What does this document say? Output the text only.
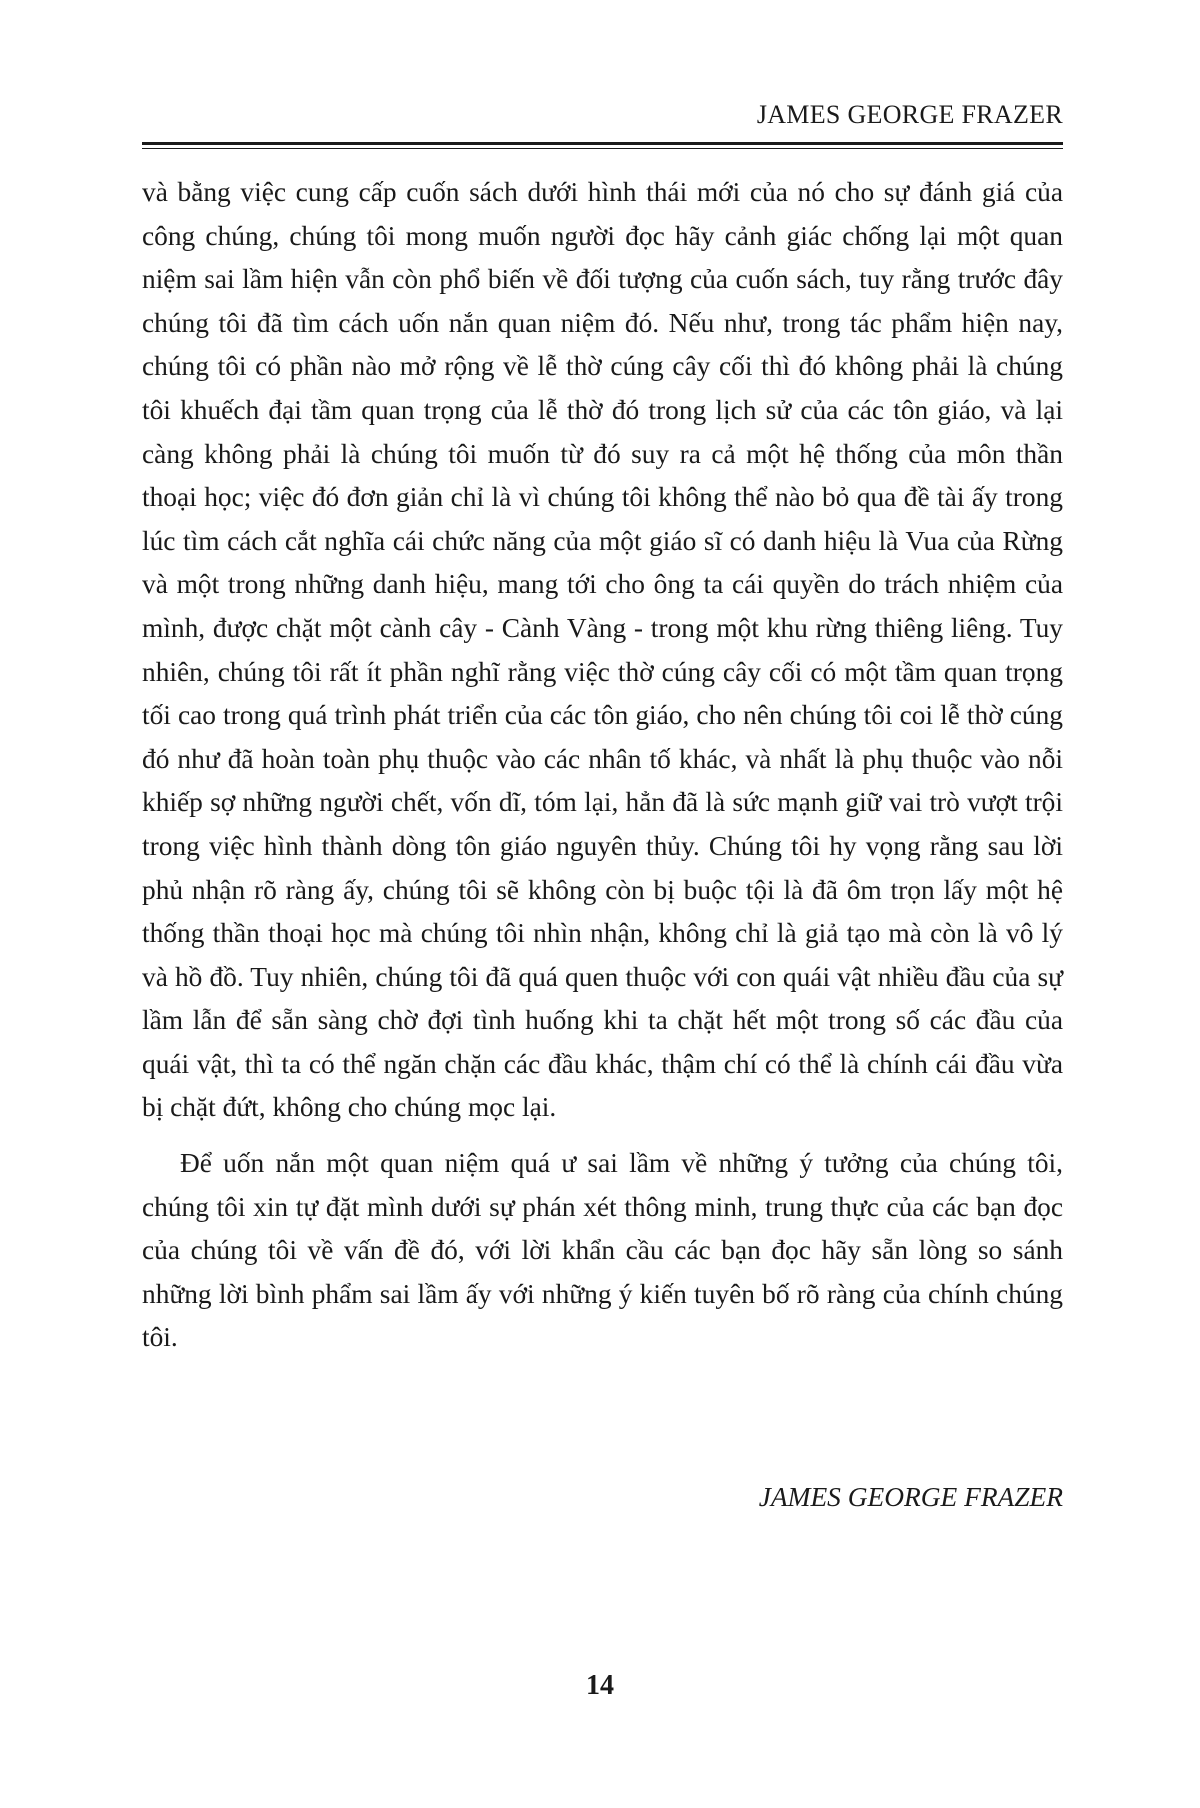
JAMES GEORGE FRAZER

và bằng việc cung cấp cuốn sách dưới hình thái mới của nó cho sự đánh giá của công chúng, chúng tôi mong muốn người đọc hãy cảnh giác chống lại một quan niệm sai lầm hiện vẫn còn phổ biến về đối tượng của cuốn sách, tuy rằng trước đây chúng tôi đã tìm cách uốn nắn quan niệm đó. Nếu như, trong tác phẩm hiện nay, chúng tôi có phần nào mở rộng về lễ thờ cúng cây cối thì đó không phải là chúng tôi khuếch đại tầm quan trọng của lễ thờ đó trong lịch sử của các tôn giáo, và lại càng không phải là chúng tôi muốn từ đó suy ra cả một hệ thống của môn thần thoại học; việc đó đơn giản chỉ là vì chúng tôi không thể nào bỏ qua đề tài ấy trong lúc tìm cách cắt nghĩa cái chức năng của một giáo sĩ có danh hiệu là Vua của Rừng và một trong những danh hiệu, mang tới cho ông ta cái quyền do trách nhiệm của mình, được chặt một cành cây - Cành Vàng - trong một khu rừng thiêng liêng. Tuy nhiên, chúng tôi rất ít phần nghĩ rằng việc thờ cúng cây cối có một tầm quan trọng tối cao trong quá trình phát triển của các tôn giáo, cho nên chúng tôi coi lễ thờ cúng đó như đã hoàn toàn phụ thuộc vào các nhân tố khác, và nhất là phụ thuộc vào nỗi khiếp sợ những người chết, vốn dĩ, tóm lại, hẳn đã là sức mạnh giữ vai trò vượt trội trong việc hình thành dòng tôn giáo nguyên thủy. Chúng tôi hy vọng rằng sau lời phủ nhận rõ ràng ấy, chúng tôi sẽ không còn bị buộc tội là đã ôm trọn lấy một hệ thống thần thoại học mà chúng tôi nhìn nhận, không chỉ là giả tạo mà còn là vô lý và hồ đồ. Tuy nhiên, chúng tôi đã quá quen thuộc với con quái vật nhiều đầu của sự lầm lẫn để sẵn sàng chờ đợi tình huống khi ta chặt hết một trong số các đầu của quái vật, thì ta có thể ngăn chặn các đầu khác, thậm chí có thể là chính cái đầu vừa bị chặt đứt, không cho chúng mọc lại.

Để uốn nắn một quan niệm quá ư sai lầm về những ý tưởng của chúng tôi, chúng tôi xin tự đặt mình dưới sự phán xét thông minh, trung thực của các bạn đọc của chúng tôi về vấn đề đó, với lời khẩn cầu các bạn đọc hãy sẵn lòng so sánh những lời bình phẩm sai lầm ấy với những ý kiến tuyên bố rõ ràng của chính chúng tôi.

JAMES GEORGE FRAZER
14
